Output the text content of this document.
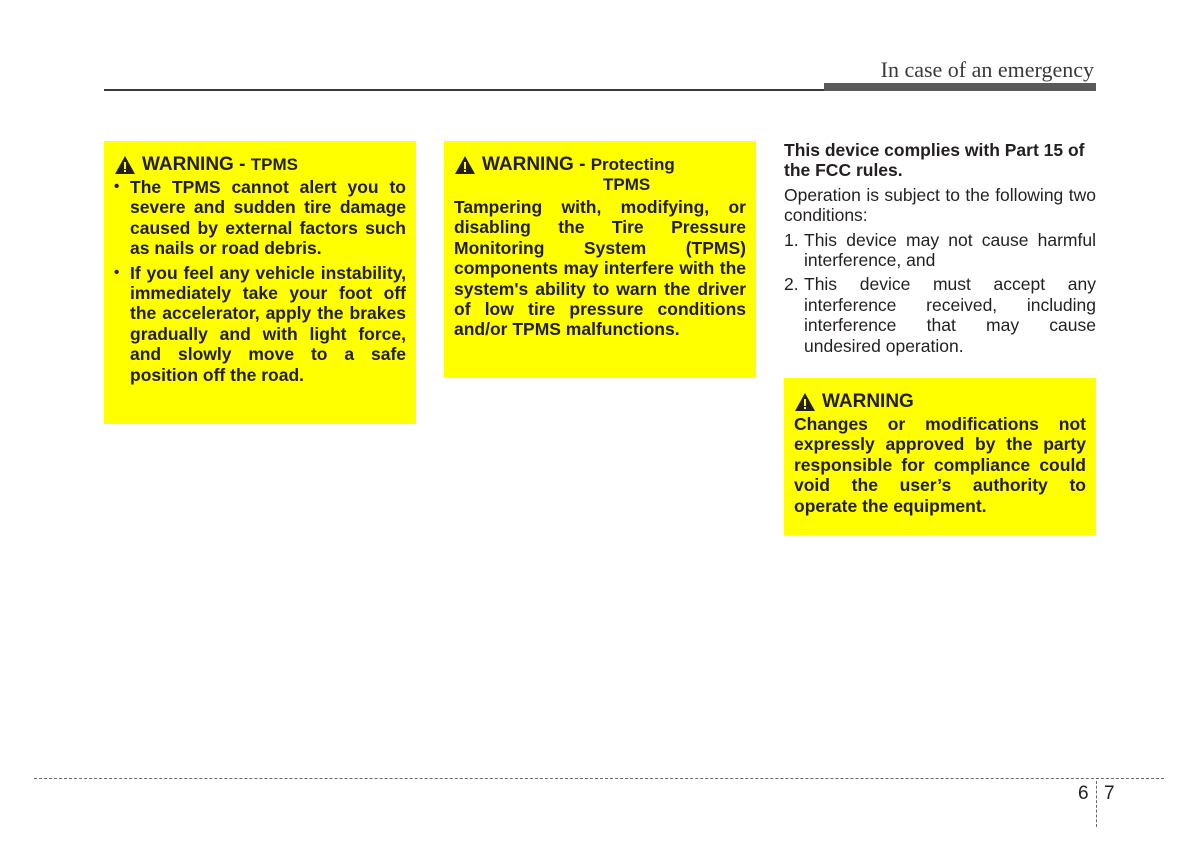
In case of an emergency
WARNING - TPMS
• The TPMS cannot alert you to severe and sudden tire damage caused by external factors such as nails or road debris.
• If you feel any vehicle instability, immediately take your foot off the accelerator, apply the brakes gradually and with light force, and slowly move to a safe position off the road.
WARNING - Protecting
TPMS
Tampering with, modifying, or disabling the Tire Pressure Monitoring System (TPMS) components may interfere with the system's ability to warn the driver of low tire pressure conditions and/or TPMS malfunctions.
This device complies with Part 15 of the FCC rules.
Operation is subject to the following two conditions:
1. This device may not cause harmful interference, and
2. This device must accept any interference received, including interference that may cause undesired operation.
WARNING
Changes or modifications not expressly approved by the party responsible for compliance could void the user’s authority to operate the equipment.
6 7
